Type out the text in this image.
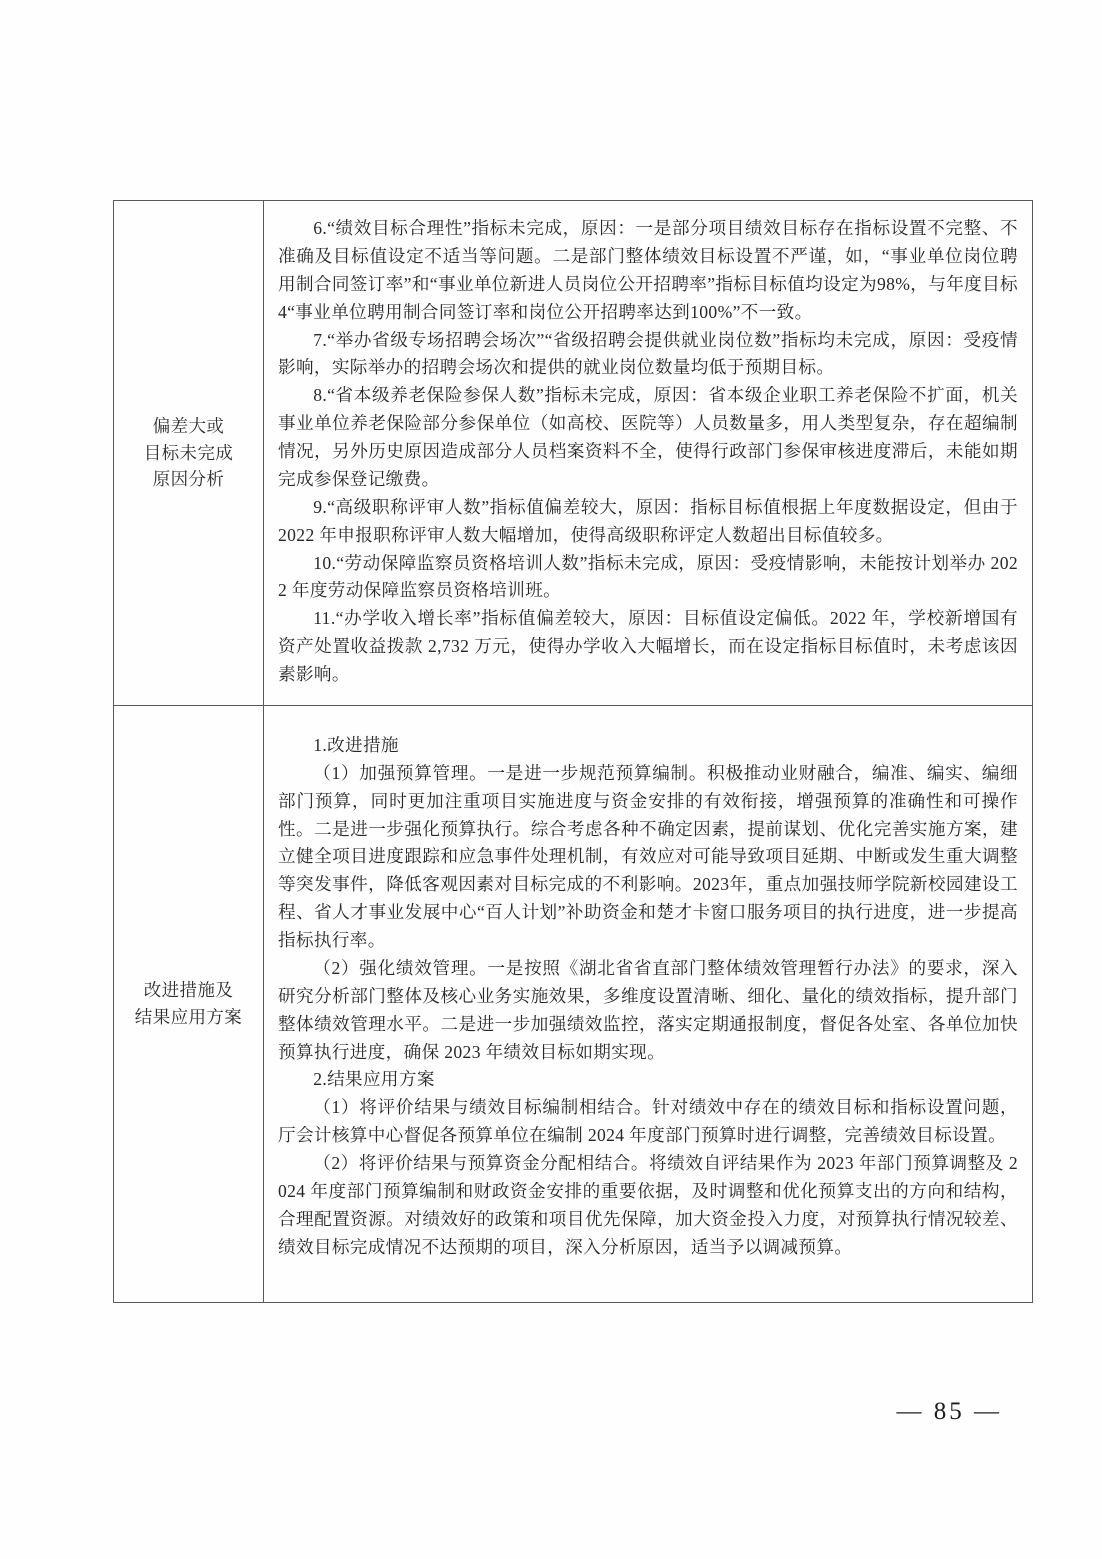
偏差大或
目标未完成
原因分析

6.“绩效目标合理性”指标未完成，原因：一是部分项目绩效目标存在指标设置不完整、不准确及目标值设定不适当等问题。二是部门整体绩效目标设置不严谨，如，“事业单位岗位聘用制合同签订率”和“事业单位新进人员岗位公开招聘率”指标目标值均设定为98%，与年度目标 4“事业单位聘用制合同签订率和岗位公开招聘率达到100%”不一致。

7.“举办省级专场招聘会场次”“省级招聘会提供就业岗位数”指标均未完成，原因：受疫情影响，实际举办的招聘会场次和提供的就业岗位数量均低于预期目标。

8.“省本级养老保险参保人数”指标未完成，原因：省本级企业职工养老保险不扩面，机关事业单位养老保险部分参保单位（如高校、医院等）人员数量多，用人类型复杂，存在超编制情况，另外历史原因造成部分人员档案资料不全，使得行政部门参保审核进度滞后，未能如期完成参保登记缴费。

9.“高级职称评审人数”指标值偏差较大，原因：指标目标值根据上年度数据设定，但由于 2022 年申报职称评审人数大幅增加，使得高级职称评定人数超出目标值较多。

10.“劳动保障监察员资格培训人数”指标未完成，原因：受疫情影响，未能按计划举办 2022 年度劳动保障监察员资格培训班。

11.“办学收入增长率”指标值偏差较大，原因：目标值设定偏低。2022 年，学校新增国有资产处置收益拨款 2,732 万元，使得办学收入大幅增长，而在设定指标目标值时，未考虑该因素影响。

改进措施及
结果应用方案

1.改进措施

（1）加强预算管理。一是进一步规范预算编制。积极推动业财融合，编准、编实、编细部门预算，同时更加注重项目实施进度与资金安排的有效衔接，增强预算的准确性和可操作性。二是进一步强化预算执行。综合考虑各种不确定因素，提前谋划、优化完善实施方案，建立健全项目进度跟踪和应急事件处理机制，有效应对可能导致项目延期、中断或发生重大调整等突发事件，降低客观因素对目标完成的不利影响。2023年，重点加强技师学院新校园建设工程、省人才事业发展中心“百人计划”补助资金和楚才卡窗口服务项目的执行进度，进一步提高指标执行率。

（2）强化绩效管理。一是按照《湖北省省直部门整体绩效管理暂行办法》的要求，深入研究分析部门整体及核心业务实施效果，多维度设置清晰、细化、量化的绩效指标，提升部门整体绩效管理水平。二是进一步加强绩效监控，落实定期通报制度，督促各处室、各单位加快预算执行进度，确保 2023 年绩效目标如期实现。

2.结果应用方案

（1）将评价结果与绩效目标编制相结合。针对绩效中存在的绩效目标和指标设置问题，厅会计核算中心督促各预算单位在编制 2024 年度部门预算时进行调整，完善绩效目标设置。

（2）将评价结果与预算资金分配相结合。将绩效自评结果作为 2023 年部门预算调整及 2024 年度部门预算编制和财政资金安排的重要依据，及时调整和优化预算支出的方向和结构，合理配置资源。对绩效好的政策和项目优先保障，加大资金投入力度，对预算执行情况较差、绩效目标完成情况不达预期的项目，深入分析原因，适当予以调减预算。

— 85 —
